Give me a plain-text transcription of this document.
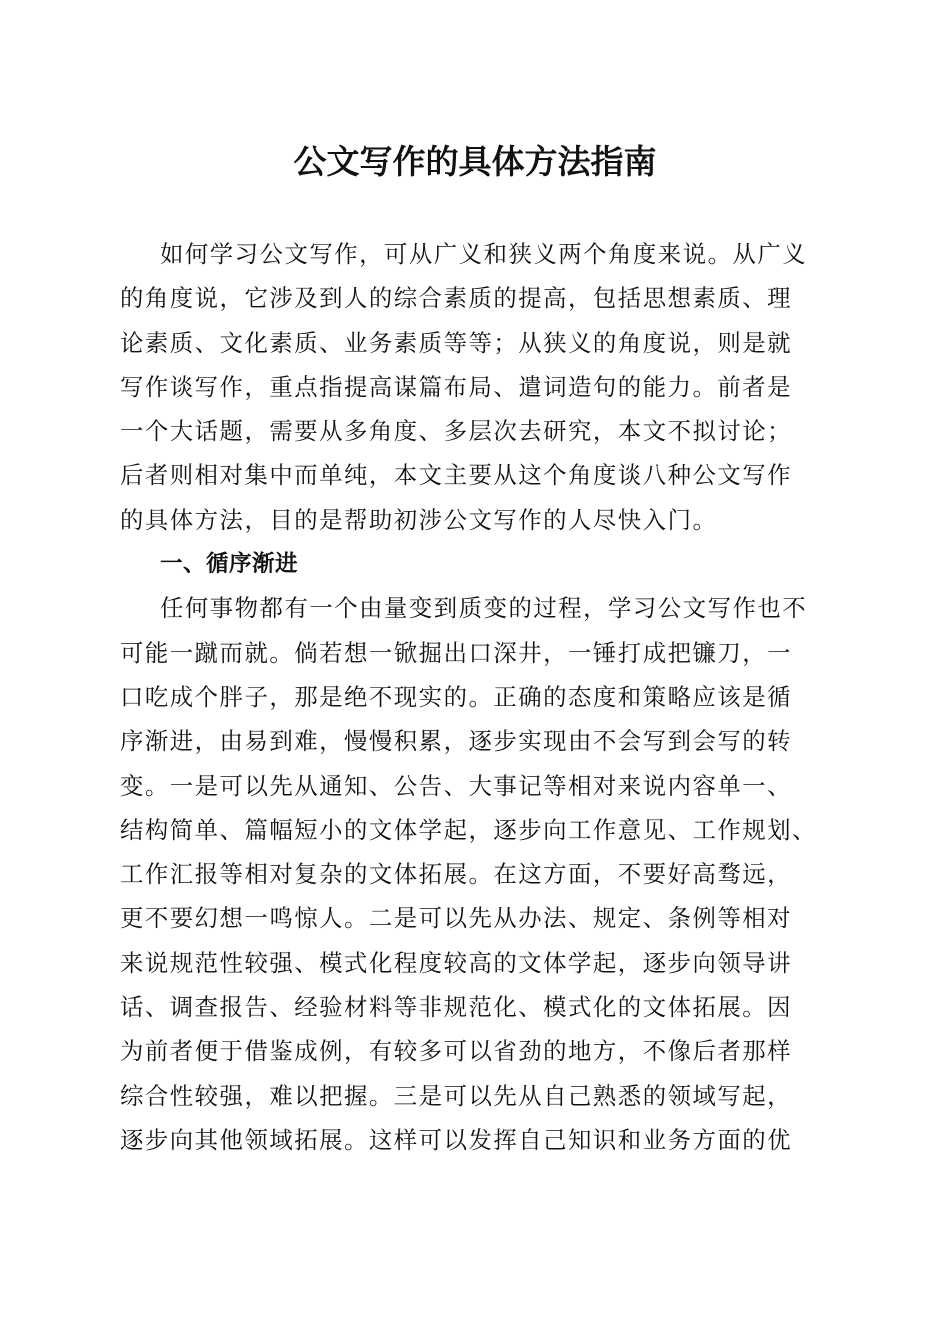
公文写作的具体方法指南
如何学习公文写作，可从广义和狭义两个角度来说。从广义
的角度说，它涉及到人的综合素质的提高，包括思想素质、理
论素质、文化素质、业务素质等等；从狭义的角度说，则是就
写作谈写作，重点指提高谋篇布局、遣词造句的能力。前者是
一个大话题，需要从多角度、多层次去研究，本文不拟讨论；
后者则相对集中而单纯，本文主要从这个角度谈八种公文写作
的具体方法，目的是帮助初涉公文写作的人尽快入门。
一、循序渐进
任何事物都有一个由量变到质变的过程，学习公文写作也不
可能一蹴而就。倘若想一锨掘出口深井，一锤打成把镰刀，一
口吃成个胖子，那是绝不现实的。正确的态度和策略应该是循
序渐进，由易到难，慢慢积累，逐步实现由不会写到会写的转
变。一是可以先从通知、公告、大事记等相对来说内容单一、
结构简单、篇幅短小的文体学起，逐步向工作意见、工作规划、
工作汇报等相对复杂的文体拓展。在这方面，不要好高骛远，
更不要幻想一鸣惊人。二是可以先从办法、规定、条例等相对
来说规范性较强、模式化程度较高的文体学起，逐步向领导讲
话、调查报告、经验材料等非规范化、模式化的文体拓展。因
为前者便于借鉴成例，有较多可以省劲的地方，不像后者那样
综合性较强，难以把握。三是可以先从自己熟悉的领域写起，
逐步向其他领域拓展。这样可以发挥自己知识和业务方面的优
